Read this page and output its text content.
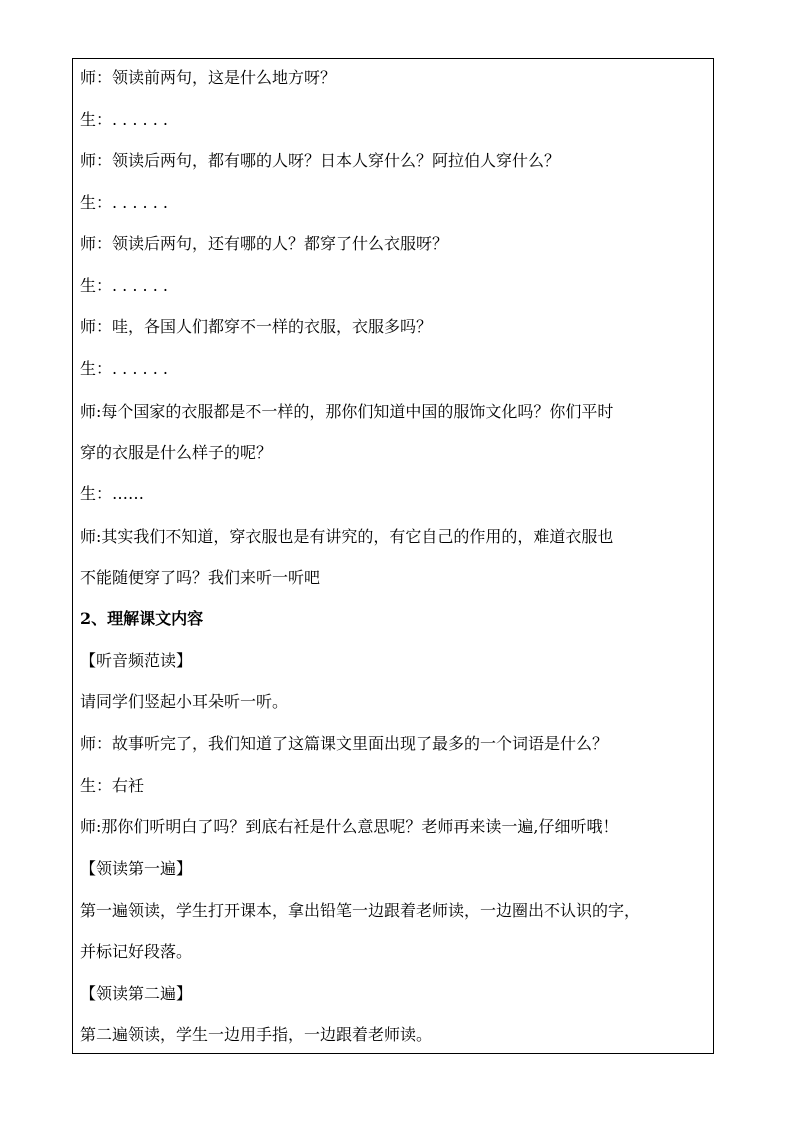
师：领读前两句，这是什么地方呀？
生：. . . . . .
师：领读后两句，都有哪的人呀？日本人穿什么？阿拉伯人穿什么？
生：. . . . . .
师：领读后两句，还有哪的人？都穿了什么衣服呀？
生：. . . . . .
师：哇，各国人们都穿不一样的衣服，衣服多吗？
生：. . . . . .
师:每个国家的衣服都是不一样的，那你们知道中国的服饰文化吗？你们平时
穿的衣服是什么样子的呢？
生：……
师:其实我们不知道，穿衣服也是有讲究的，有它自己的作用的，难道衣服也
不能随便穿了吗？我们来听一听吧
2、理解课文内容
【听音频范读】
请同学们竖起小耳朵听一听。
师：故事听完了，我们知道了这篇课文里面出现了最多的一个词语是什么？
生：右衽
师:那你们听明白了吗？到底右衽是什么意思呢？老师再来读一遍,仔细听哦！
【领读第一遍】
第一遍领读，学生打开课本，拿出铅笔一边跟着老师读，一边圈出不认识的字，
并标记好段落。
【领读第二遍】
第二遍领读，学生一边用手指，一边跟着老师读。
